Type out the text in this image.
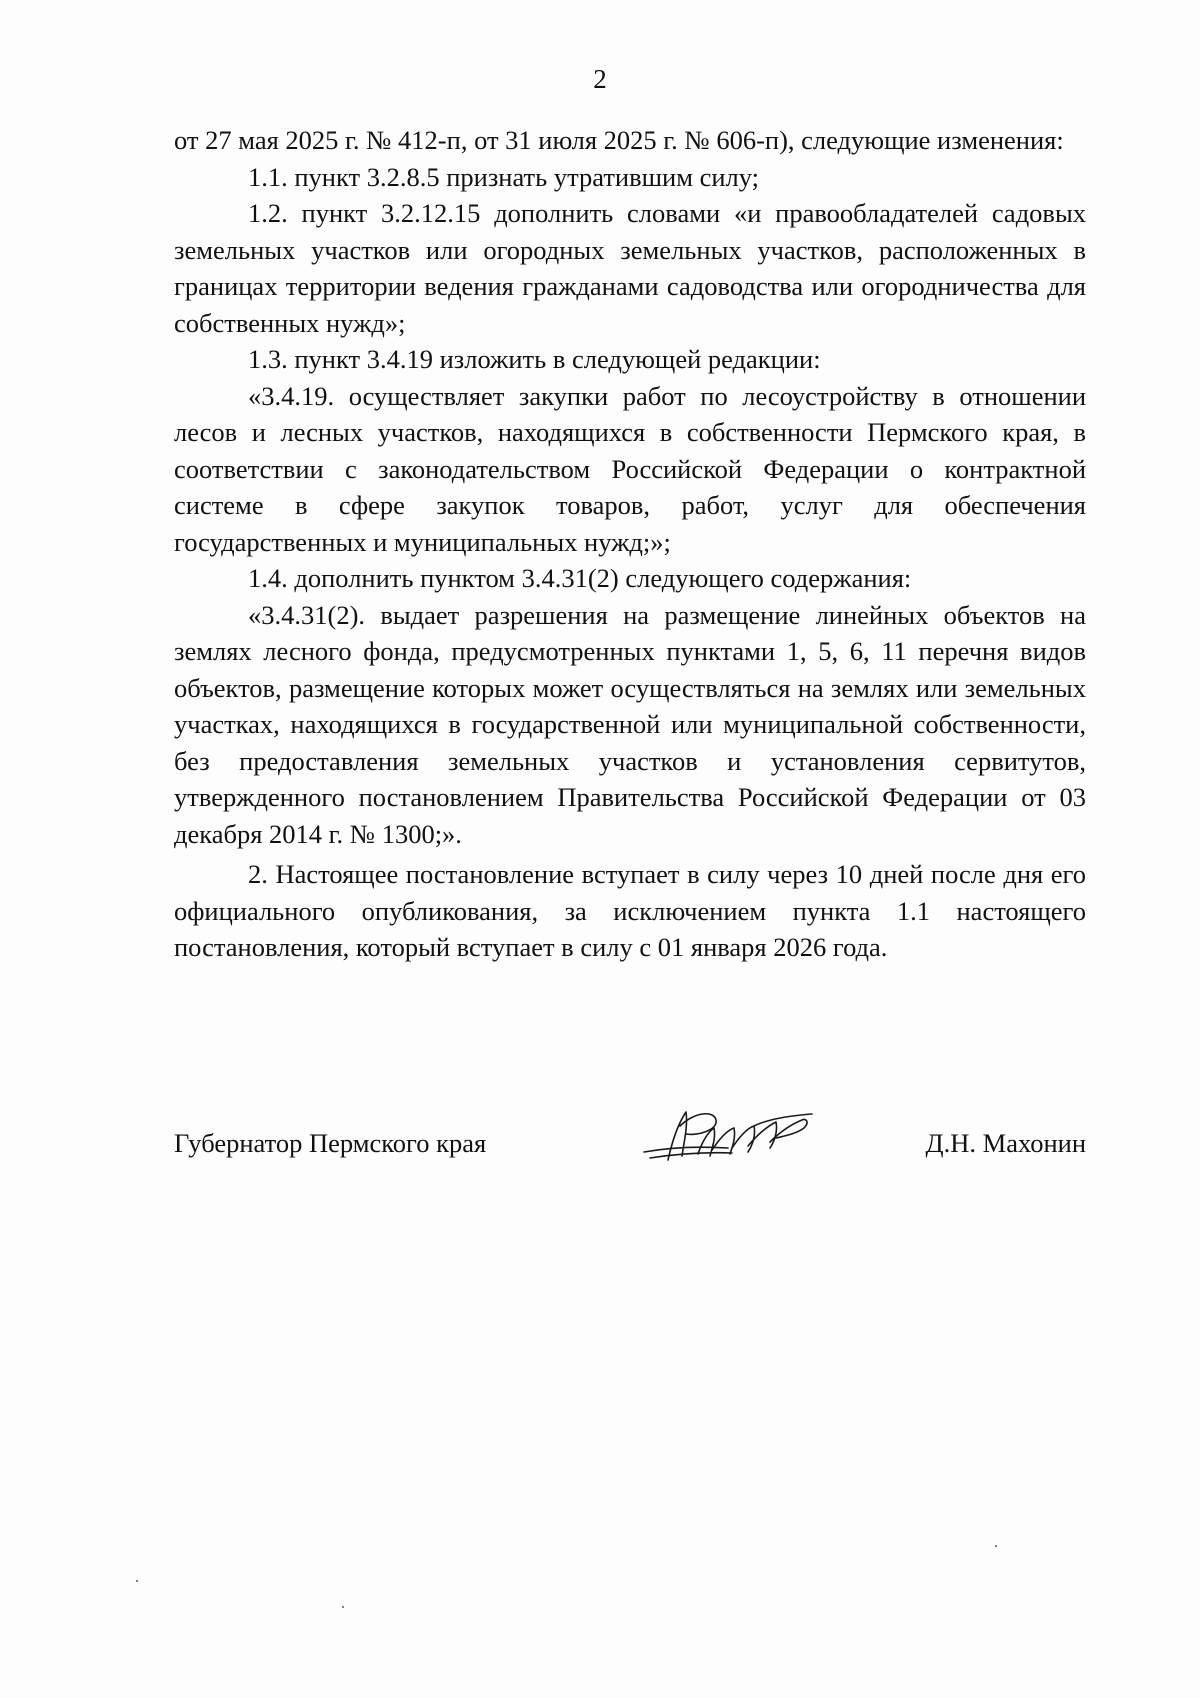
2

от 27 мая 2025 г. № 412-п, от 31 июля 2025 г. № 606-п), следующие изменения:

1.1. пункт 3.2.8.5 признать утратившим силу;

1.2. пункт 3.2.12.15 дополнить словами «и правообладателей садовых земельных участков или огородных земельных участков, расположенных в границах территории ведения гражданами садоводства или огородничества для собственных нужд»;

1.3. пункт 3.4.19 изложить в следующей редакции:

«3.4.19. осуществляет закупки работ по лесоустройству в отношении лесов и лесных участков, находящихся в собственности Пермского края, в соответствии с законодательством Российской Федерации о контрактной системе в сфере закупок товаров, работ, услуг для обеспечения государственных и муниципальных нужд;»;

1.4. дополнить пунктом 3.4.31(2) следующего содержания:

«3.4.31(2). выдает разрешения на размещение линейных объектов на землях лесного фонда, предусмотренных пунктами 1, 5, 6, 11 перечня видов объектов, размещение которых может осуществляться на землях или земельных участках, находящихся в государственной или муниципальной собственности, без предоставления земельных участков и установления сервитутов, утвержденного постановлением Правительства Российской Федерации от 03 декабря 2014 г. № 1300;».

2. Настоящее постановление вступает в силу через 10 дней после дня его официального опубликования, за исключением пункта 1.1 настоящего постановления, который вступает в силу с 01 января 2026 года.

Губернатор Пермского края	Д.Н. Махонин
